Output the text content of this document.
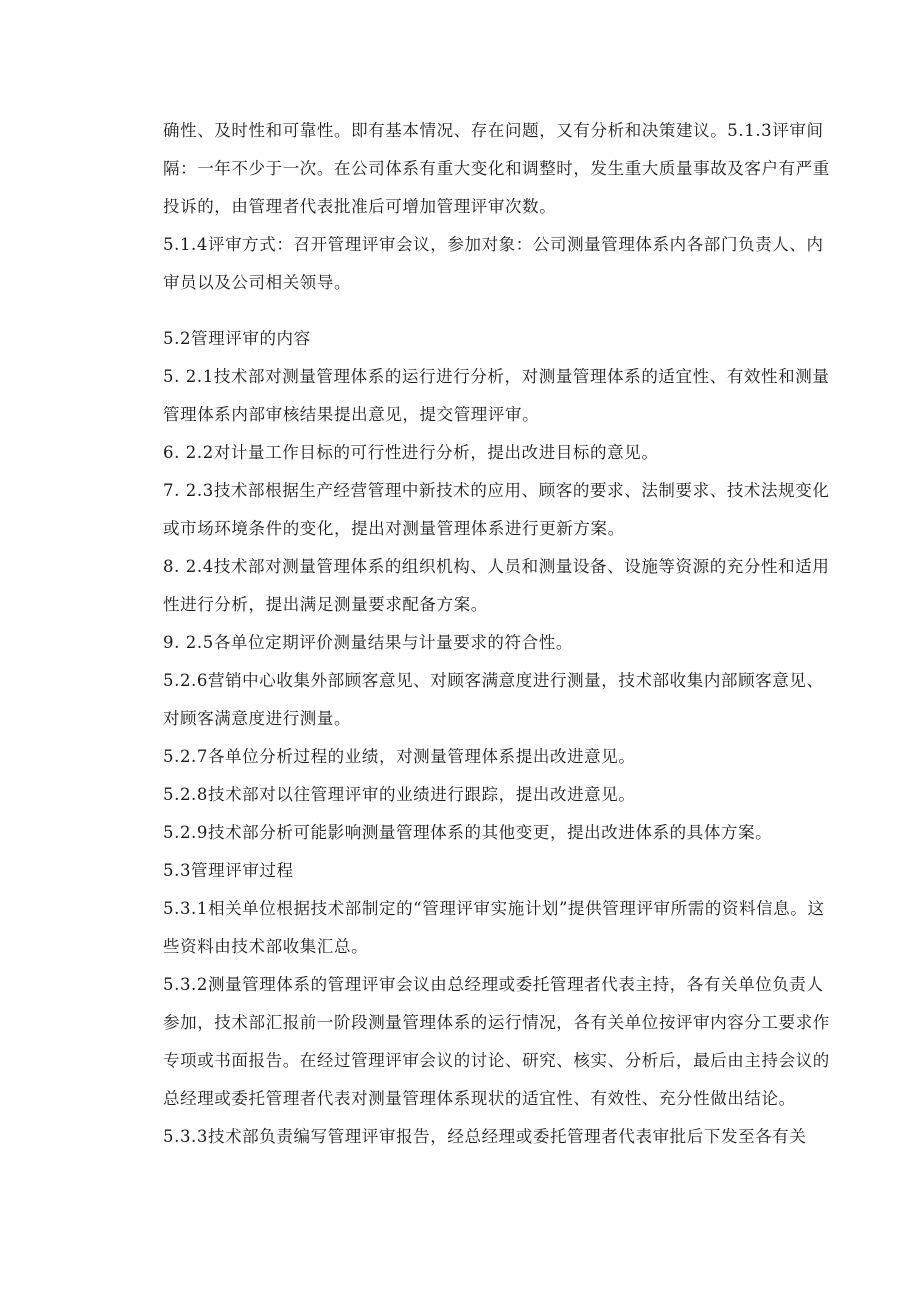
确性、及时性和可靠性。即有基本情况、存在问题，又有分析和决策建议。5.1.3评审间隔：一年不少于一次。在公司体系有重大变化和调整时，发生重大质量事故及客户有严重投诉的，由管理者代表批准后可增加管理评审次数。

5.1.4评审方式：召开管理评审会议，参加对象：公司测量管理体系内各部门负责人、内审员以及公司相关领导。

5.2管理评审的内容

5. 2.1技术部对测量管理体系的运行进行分析，对测量管理体系的适宜性、有效性和测量管理体系内部审核结果提出意见，提交管理评审。

6. 2.2对计量工作目标的可行性进行分析，提出改进目标的意见。

7. 2.3技术部根据生产经营管理中新技术的应用、顾客的要求、法制要求、技术法规变化或市场环境条件的变化，提出对测量管理体系进行更新方案。

8. 2.4技术部对测量管理体系的组织机构、人员和测量设备、设施等资源的充分性和适用性进行分析，提出满足测量要求配备方案。

9. 2.5各单位定期评价测量结果与计量要求的符合性。

5.2.6营销中心收集外部顾客意见、对顾客满意度进行测量，技术部收集内部顾客意见、对顾客满意度进行测量。

5.2.7各单位分析过程的业绩，对测量管理体系提出改进意见。

5.2.8技术部对以往管理评审的业绩进行跟踪，提出改进意见。

5.2.9技术部分析可能影响测量管理体系的其他变更，提出改进体系的具体方案。

5.3管理评审过程

5.3.1相关单位根据技术部制定的“管理评审实施计划”提供管理评审所需的资料信息。这些资料由技术部收集汇总。

5.3.2测量管理体系的管理评审会议由总经理或委托管理者代表主持，各有关单位负责人参加，技术部汇报前一阶段测量管理体系的运行情况，各有关单位按评审内容分工要求作专项或书面报告。在经过管理评审会议的讨论、研究、核实、分析后，最后由主持会议的总经理或委托管理者代表对测量管理体系现状的适宜性、有效性、充分性做出结论。

5.3.3技术部负责编写管理评审报告，经总经理或委托管理者代表审批后下发至各有关
